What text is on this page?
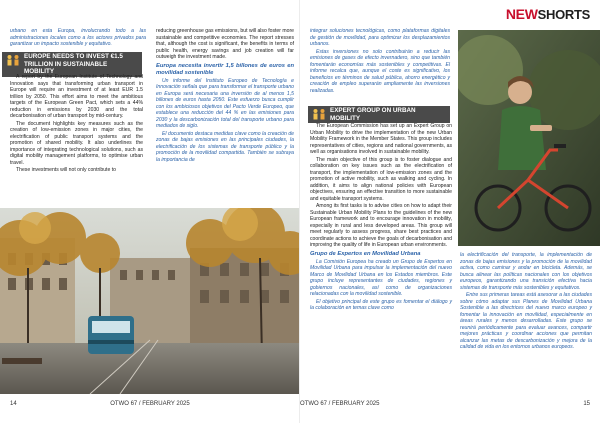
urbano en esta Europa, involucrando todo a las administraciones locales como a los actores privados para garantizar un impacto sostenible y equitativo.

EUROPE NEEDS TO INVEST €1.5 TRILLION IN SUSTAINABLE MOBILITY

A report by the European Institute of Technology and Innovation says that transforming urban transport in Europe will require an investment of at least EUR 1.5 trillion by 2050. This effort aims to meet the ambitious targets of the European Green Pact, which sets a 44% reduction in emissions by 2030 and the total decarbonisation of urban transport by mid-century.

The document highlights key measures such as the creation of low-emission zones in major cities, the electrification of public transport systems and the promotion of shared mobility. It also underlines the importance of integrating technological solutions, such as digital mobility management platforms, to optimise urban travel.

These investments will not only contribute to

reducing greenhouse gas emissions, but will also foster more sustainable and competitive economies. The report stresses that, although the cost is significant, the benefits in terms of public health, energy savings and job creation will far outweigh the investment made.

Europa necesita invertir 1,5 billones de euros en movilidad sostenible

Un informe del Instituto Europeo de Tecnología e Innovación señala que para transformar el transporte urbano en Europa será necesaria una inversión de al menos 1,5 billones de euros hasta 2050. Este esfuerzo busca cumplir con los ambiciosos objetivos del Pacto Verde Europeo, que establece una reducción del 44 % en las emisiones para 2030 y la descarbonización total del transporte urbano para mediados de siglo.

El documento destaca medidas clave como la creación de zonas de bajas emisiones en las principales ciudades, la electrificación de los sistemas de transporte público y la promoción de la movilidad compartida. También se subraya la importancia de

14	OTWO 67 / FEBRUARY 2025
NEWSHORTS

integrar soluciones tecnológicas, como plataformas digitales de gestión de movilidad, para optimizar los desplazamientos urbanos.

Estas inversiones no solo contribuirán a reducir las emisiones de gases de efecto invernadero, sino que también fomentarán economías más sostenibles y competitivas. El informe recalca que, aunque el coste es significativo, los beneficios en términos de salud pública, ahorro energético y creación de empleo superarán ampliamente las inversiones realizadas.

EXPERT GROUP ON URBAN MOBILITY

The European Commission has set up an Expert Group on Urban Mobility to drive the implementation of the new Urban Mobility Framework in the Member States. This group includes representatives of cities, regions and national governments, as well as organisations involved in sustainable mobility.

The main objective of this group is to foster dialogue and collaboration on key issues such as the electrification of transport, the implementation of low-emission zones and the promotion of active mobility, such as walking and cycling. In addition, it aims to align national policies with European objectives, ensuring an effective transition to more sustainable and equitable transport systems.

Among its first tasks is to advise cities on how to adapt their Sustainable Urban Mobility Plans to the guidelines of the new European framework and to encourage innovation in mobility, especially in rural and less developed areas. This group will meet regularly to assess progress, share best practices and coordinate actions to achieve the goals of decarbonisation and improving the quality of life in European urban environments.

Grupo de Expertos en Movilidad Urbana

La Comisión Europea ha creado un Grupo de Expertos en Movilidad Urbana para impulsar la implementación del nuevo Marco de Movilidad Urbana en los Estados miembros. Este grupo incluye representantes de ciudades, regiones y gobiernos nacionales, así como de organizaciones relacionadas con la movilidad sostenible.

El objetivo principal de este grupo es fomentar el diálogo y la colaboración en temas clave como

la electrificación del transporte, la implementación de zonas de bajas emisiones y la promoción de la movilidad activa, como caminar y andar en bicicleta. Además, se busca alinear las políticas nacionales con los objetivos europeos, garantizando una transición efectiva hacia sistemas de transporte más sostenibles y equitativos.

Entre sus primeras tareas está asesorar a las ciudades sobre cómo adaptar sus Planes de Movilidad Urbana Sostenible a las directrices del nuevo marco europeo y fomentar la innovación en movilidad, especialmente en áreas rurales y menos desarrolladas. Este grupo se reunirá periódicamente para evaluar avances, compartir mejores prácticas y coordinar acciones que permitan alcanzar las metas de descarbonización y mejora de la calidad de vida en los entornos urbanos europeos.

OTWO 67 / FEBRUARY 2025	15
